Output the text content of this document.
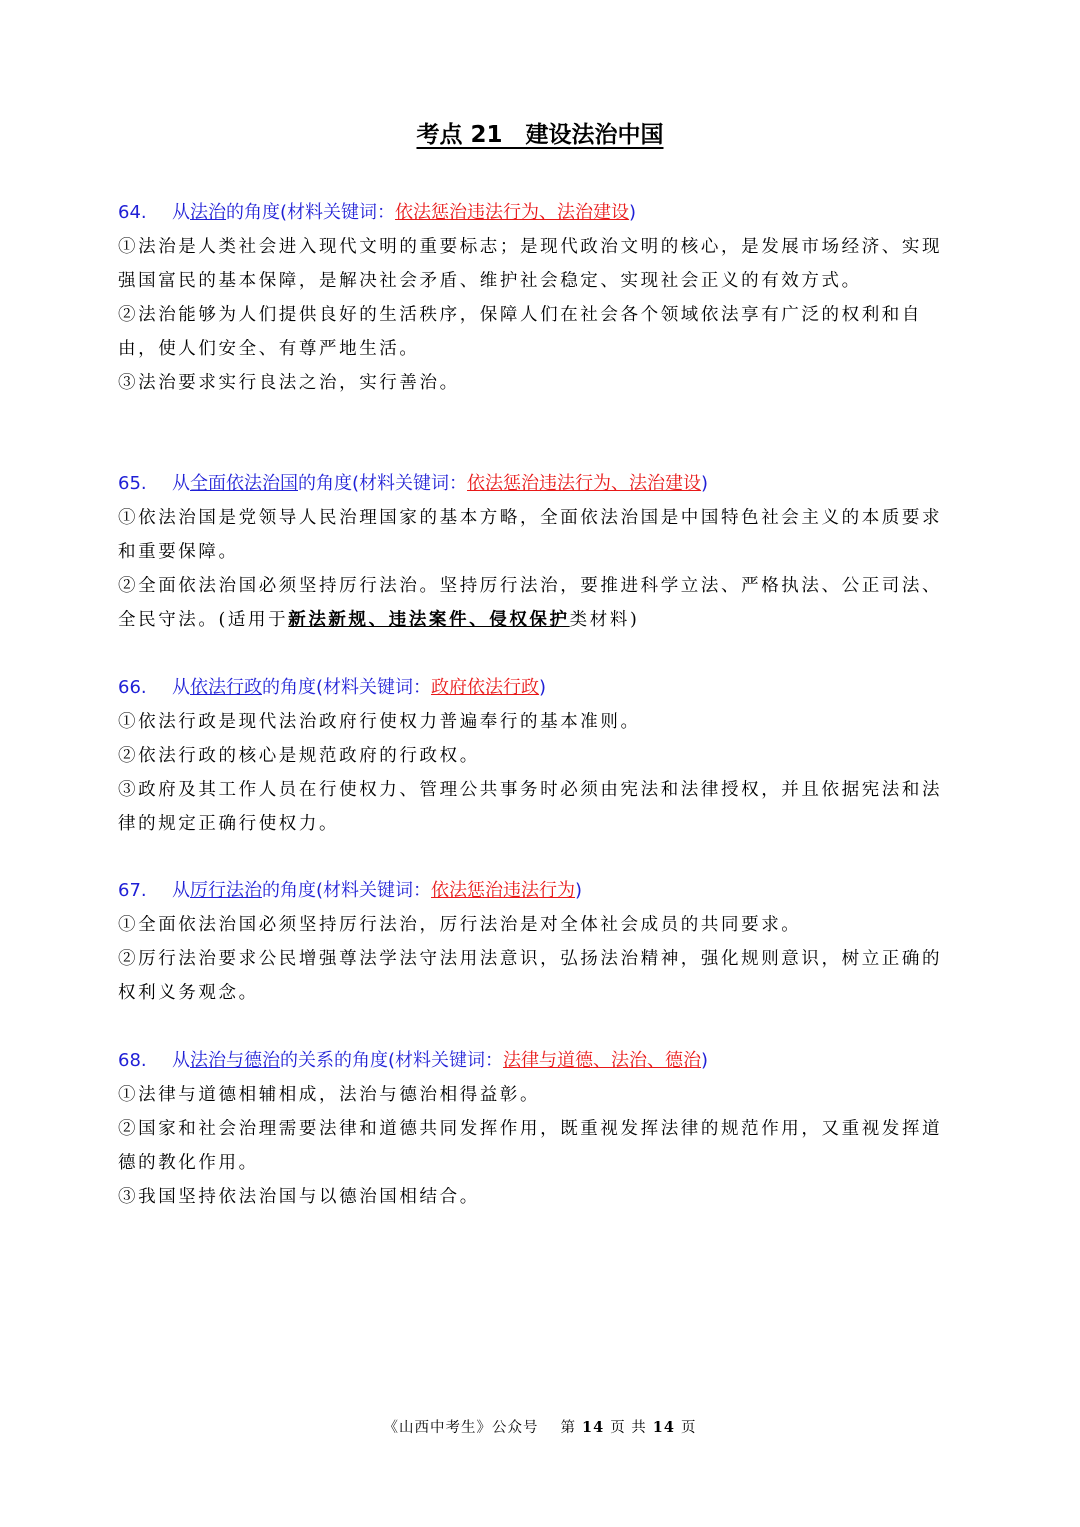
考点 21　建设法治中国
64. 从法治的角度(材料关键词：依法惩治违法行为、法治建设)
①法治是人类社会进入现代文明的重要标志；是现代政治文明的核心，是发展市场经济、实现强国富民的基本保障，是解决社会矛盾、维护社会稳定、实现社会正义的有效方式。
②法治能够为人们提供良好的生活秩序，保障人们在社会各个领域依法享有广泛的权利和自由，使人们安全、有尊严地生活。
③法治要求实行良法之治，实行善治。
65. 从全面依法治国的角度(材料关键词：依法惩治违法行为、法治建设)
①依法治国是党领导人民治理国家的基本方略，全面依法治国是中国特色社会主义的本质要求和重要保障。
②全面依法治国必须坚持厉行法治。坚持厉行法治，要推进科学立法、严格执法、公正司法、全民守法。(适用于新法新规、违法案件、侵权保护类材料)
66. 从依法行政的角度(材料关键词：政府依法行政)
①依法行政是现代法治政府行使权力普遍奉行的基本准则。
②依法行政的核心是规范政府的行政权。
③政府及其工作人员在行使权力、管理公共事务时必须由宪法和法律授权，并且依据宪法和法律的规定正确行使权力。
67. 从厉行法治的角度(材料关键词：依法惩治违法行为)
①全面依法治国必须坚持厉行法治，厉行法治是对全体社会成员的共同要求。
②厉行法治要求公民增强尊法学法守法用法意识，弘扬法治精神，强化规则意识，树立正确的权利义务观念。
68. 从法治与德治的关系的角度(材料关键词：法律与道德、法治、德治)
①法律与道德相辅相成，法治与德治相得益彰。
②国家和社会治理需要法律和道德共同发挥作用，既重视发挥法律的规范作用，又重视发挥道德的教化作用。
③我国坚持依法治国与以德治国相结合。
《山西中考生》公众号 第 14 页 共 14 页
